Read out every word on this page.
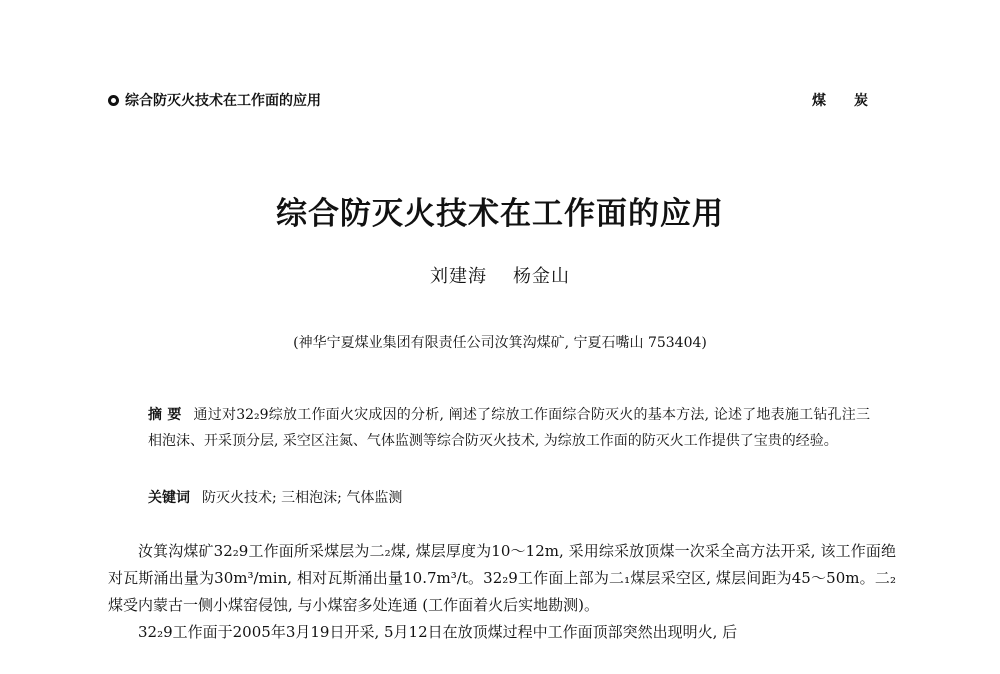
综合防灭火技术在工作面的应用	煤炭
综合防灭火技术在工作面的应用
刘建海 杨金山
(神华宁夏煤业集团有限责任公司汝箕沟煤矿, 宁夏石嘴山 753404)
摘 要 通过对32₂9综放工作面火灾成因的分析, 阐述了综放工作面综合防灭火的基本方法, 论述了地表施工钻孔注三相泡沫、开采顶分层, 采空区注氮、气体监测等综合防灭火技术, 为综放工作面的防灭火工作提供了宝贵的经验。
关键词 防灭火技术; 三相泡沫; 气体监测

汝箕沟煤矿32₂9工作面所采煤层为二₂煤, 煤层厚度为10～12m, 采用综采放顶煤一次采全高方法开采, 该工作面绝对瓦斯涌出量为30m³/min, 相对瓦斯涌出量10.7m³/t。32₂9工作面上部为二₁煤层采空区, 煤层间距为45～50m。二₂煤受内蒙古一侧小煤窑侵蚀, 与小煤窑多处连通 (工作面着火后实地勘测)。

32₂9工作面于2005年3月19日开采, 5月12日在放顶煤过程中工作面顶部突然出现明火, 后
